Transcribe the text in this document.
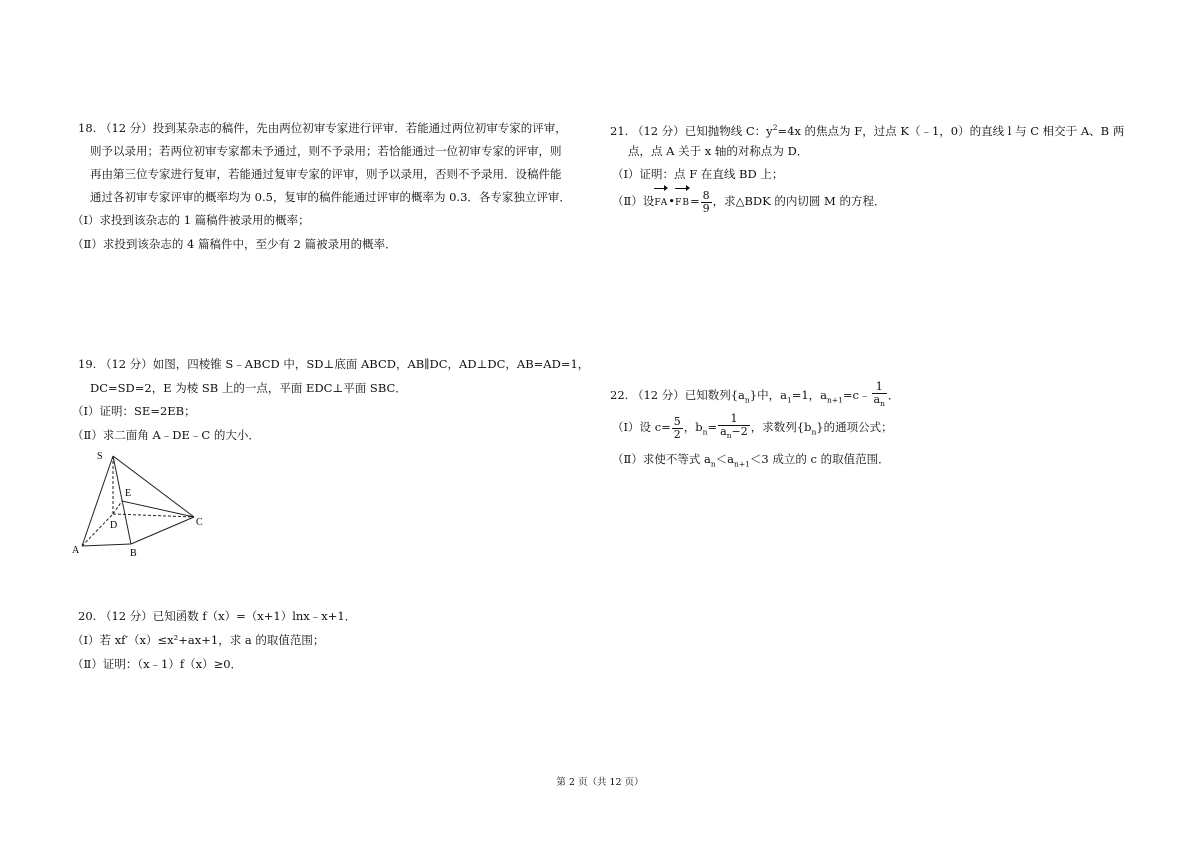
18. （12 分）投到某杂志的稿件，先由两位初审专家进行评审．若能通过两位初审专家的评审，
则予以录用；若两位初审专家都未予通过，则不予录用；若恰能通过一位初审专家的评审，则
再由第三位专家进行复审，若能通过复审专家的评审，则予以录用，否则不予录用．设稿件能
通过各初审专家评审的概率均为 0.5，复审的稿件能通过评审的概率为 0.3．各专家独立评审．
（Ⅰ）求投到该杂志的 1 篇稿件被录用的概率；
（Ⅱ）求投到该杂志的 4 篇稿件中，至少有 2 篇被录用的概率．
19. （12 分）如图，四棱锥 S﹣ABCD 中，SD⊥底面 ABCD，AB∥DC，AD⊥DC，AB=AD=1，
DC=SD=2，E 为棱 SB 上的一点，平面 EDC⊥平面 SBC．
（Ⅰ）证明：SE=2EB；
（Ⅱ）求二面角 A﹣DE﹣C 的大小．
S
E
D	C
A	B
20. （12 分）已知函数 f（x）=（x+1）lnx﹣x+1．
（Ⅰ）若 xf′（x）≤x²+ax+1，求 a 的取值范围；
（Ⅱ）证明：（x﹣1）f（x）≥0．
21. （12 分）已知抛物线 C：$y^2=4x$ 的焦点为 F，过点 K（﹣1，0）的直线 l 与 C 相交于 A、B 两
点，点 A 关于 x 轴的对称点为 D．
（Ⅰ）证明：点 F 在直线 BD 上；
（Ⅱ）设FA•FB= $\frac{8}{9}$ ，求△BDK 的内切圆 M 的方程．
22. （12 分）已知数列$\{a_n\}$中，$a_1=1$，$a_{n+1}=c﹣ \frac{1}{a_n}$ ．
（Ⅰ）设 $c= \frac{5}{2}$ ，$b_n= \frac{1}{a_n-2}$ ，求数列$\{b_n\}$的通项公式；
（Ⅱ）求使不等式 $a_n<a_{n+1}<3$ 成立的 c 的取值范围．
第 2 页（共 12 页）
